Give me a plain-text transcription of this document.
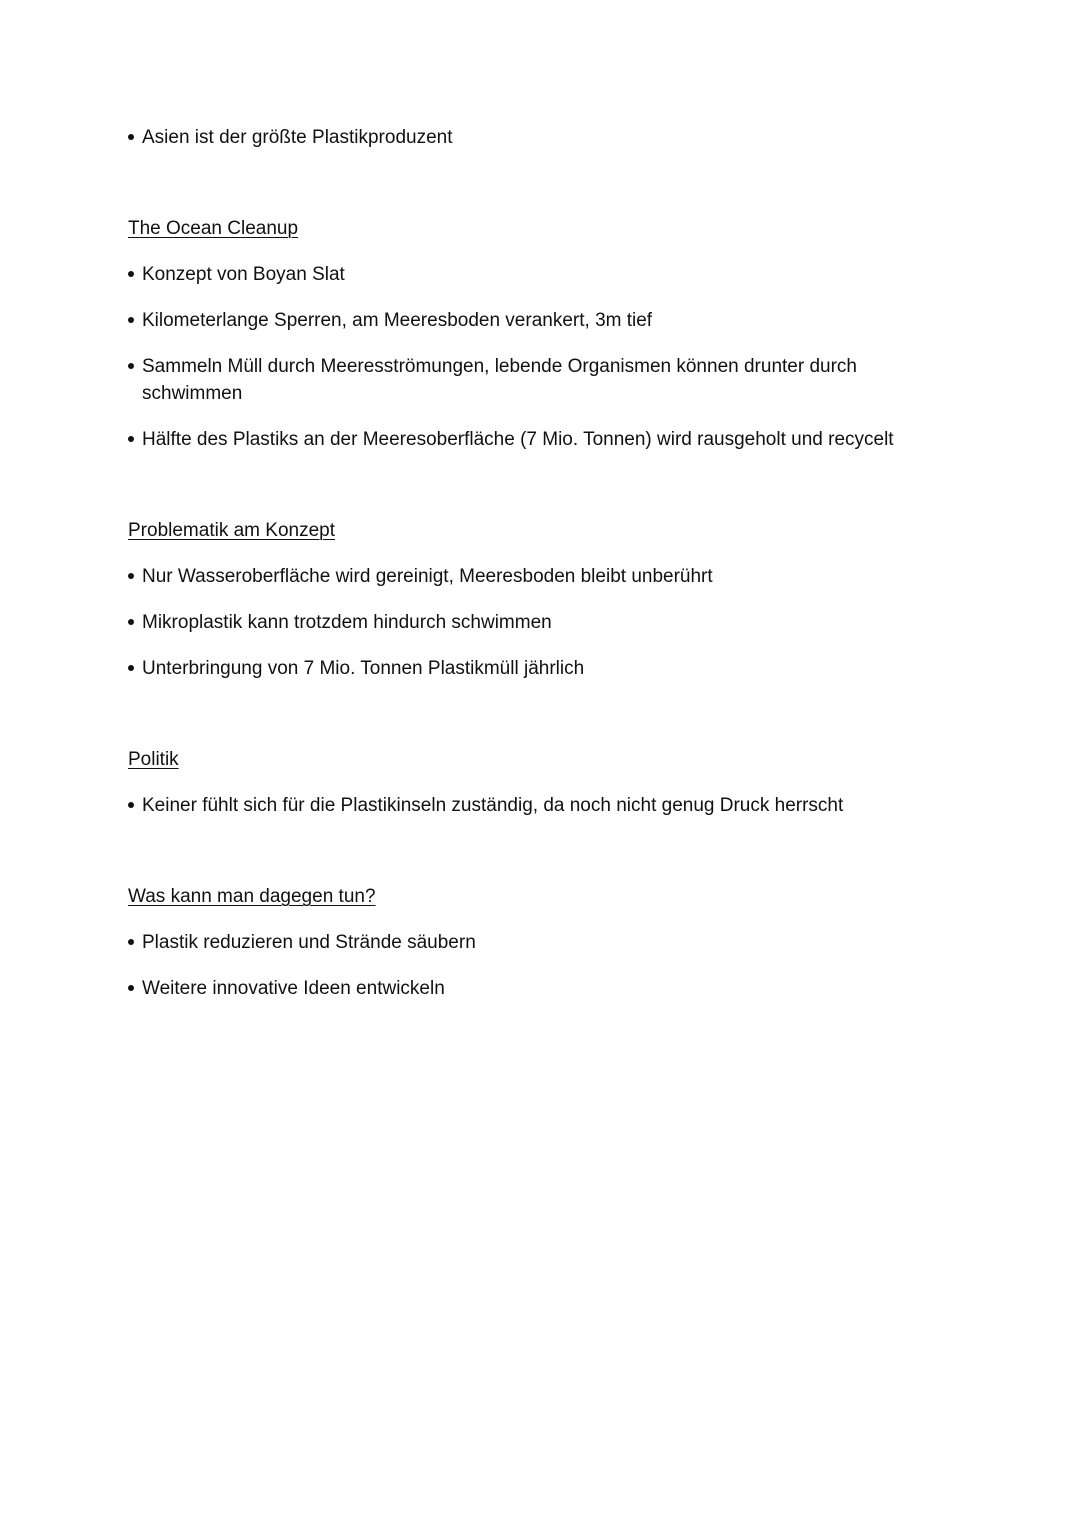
Asien ist der größte Plastikproduzent
The Ocean Cleanup
Konzept von Boyan Slat
Kilometerlange Sperren, am Meeresboden verankert, 3m tief
Sammeln Müll durch Meeresströmungen, lebende Organismen können drunter durch schwimmen
Hälfte des Plastiks an der Meeresoberfläche (7 Mio. Tonnen) wird rausgeholt und recycelt
Problematik am Konzept
Nur Wasseroberfläche wird gereinigt, Meeresboden bleibt unberührt
Mikroplastik kann trotzdem hindurch schwimmen
Unterbringung von 7 Mio. Tonnen Plastikmüll jährlich
Politik
Keiner fühlt sich für die Plastikinseln zuständig, da noch nicht genug Druck herrscht
Was kann man dagegen tun?
Plastik reduzieren und Strände säubern
Weitere innovative Ideen entwickeln
